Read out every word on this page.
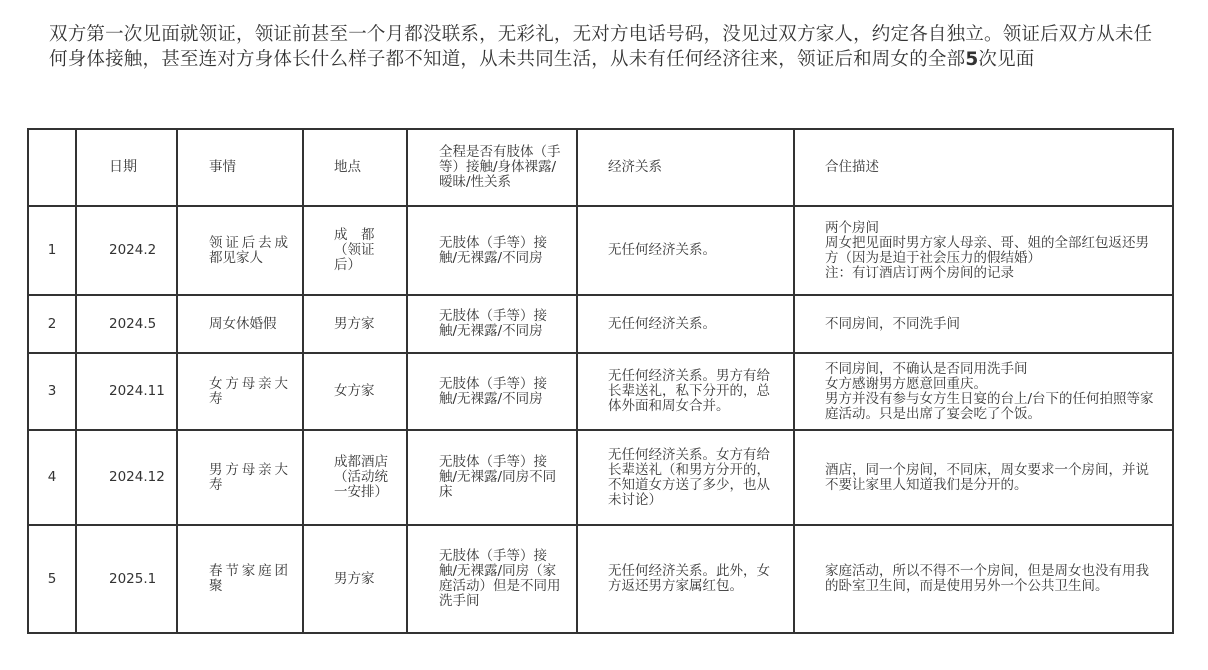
双方第一次见面就领证，领证前甚至一个月都没联系，无彩礼，无对方电话号码，没见过双方家人，约定各自独立。领证后双方从未任何身体接触，甚至连对方身体长什么样子都不知道，从未共同生活，从未有任何经济往来，领证后和周女的全部5次见面
	日期	事情	地点	全程是否有肢体（手等）接触/身体裸露/暧昧/性关系	经济关系	合住描述
1	2024.2	领证后去成都见家人	成　都（领证后）	无肢体（手等）接触/无裸露/不同房	无任何经济关系。	两个房间
周女把见面时男方家人母亲、哥、姐的全部红包返还男方（因为是迫于社会压力的假结婚）
注：有订酒店订两个房间的记录

2	2024.5	周女休婚假	男方家	无肢体（手等）接触/无裸露/不同房	无任何经济关系。	不同房间，不同洗手间

3	2024.11	女方母亲大寿	女方家	无肢体（手等）接触/无裸露/不同房	无任何经济关系。男方有给长辈送礼，私下分开的，总体外面和周女合并。	不同房间，不确认是否同用洗手间
女方感谢男方愿意回重庆。
男方并没有参与女方生日宴的台上/台下的任何拍照等家庭活动。只是出席了宴会吃了个饭。

4	2024.12	男方母亲大寿	成都酒店（活动统一安排）	无肢体（手等）接触/无裸露/同房不同床	无任何经济关系。女方有给长辈送礼（和男方分开的，不知道女方送了多少，也从未讨论）	酒店，同一个房间，不同床，周女要求一个房间，并说不要让家里人知道我们是分开的。

5	2025.1	春节家庭团聚	男方家	无肢体（手等）接触/无裸露/同房（家庭活动）但是不同用洗手间	无任何经济关系。此外，女方返还男方家属红包。	家庭活动，所以不得不一个房间，但是周女也没有用我的卧室卫生间，而是使用另外一个公共卫生间。
